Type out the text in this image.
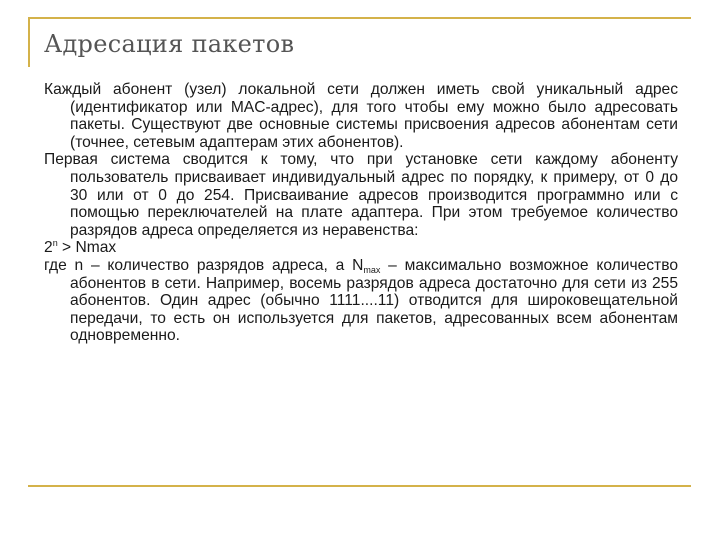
Адресация пакетов

Каждый абонент (узел) локальной сети должен иметь свой уникальный адрес (идентификатор или MAC-адрес), для того чтобы ему можно было адресовать пакеты. Существуют две основные системы присвоения адресов абонентам сети (точнее, сетевым адаптерам этих абонентов).

Первая система сводится к тому, что при установке сети каждому абоненту пользователь присваивает индивидуальный адрес по порядку, к примеру, от 0 до 30 или от 0 до 254. Присваивание адресов производится программно или с помощью переключателей на плате адаптера. При этом требуемое количество разрядов адреса определяется из неравенства:

$2^n > Nmax$

где n – количество разрядов адреса, а $N_{max}$ – максимально возможное количество абонентов в сети. Например, восемь разрядов адреса достаточно для сети из 255 абонентов. Один адрес (обычно 1111....11) отводится для широковещательной передачи, то есть он используется для пакетов, адресованных всем абонентам одновременно.
